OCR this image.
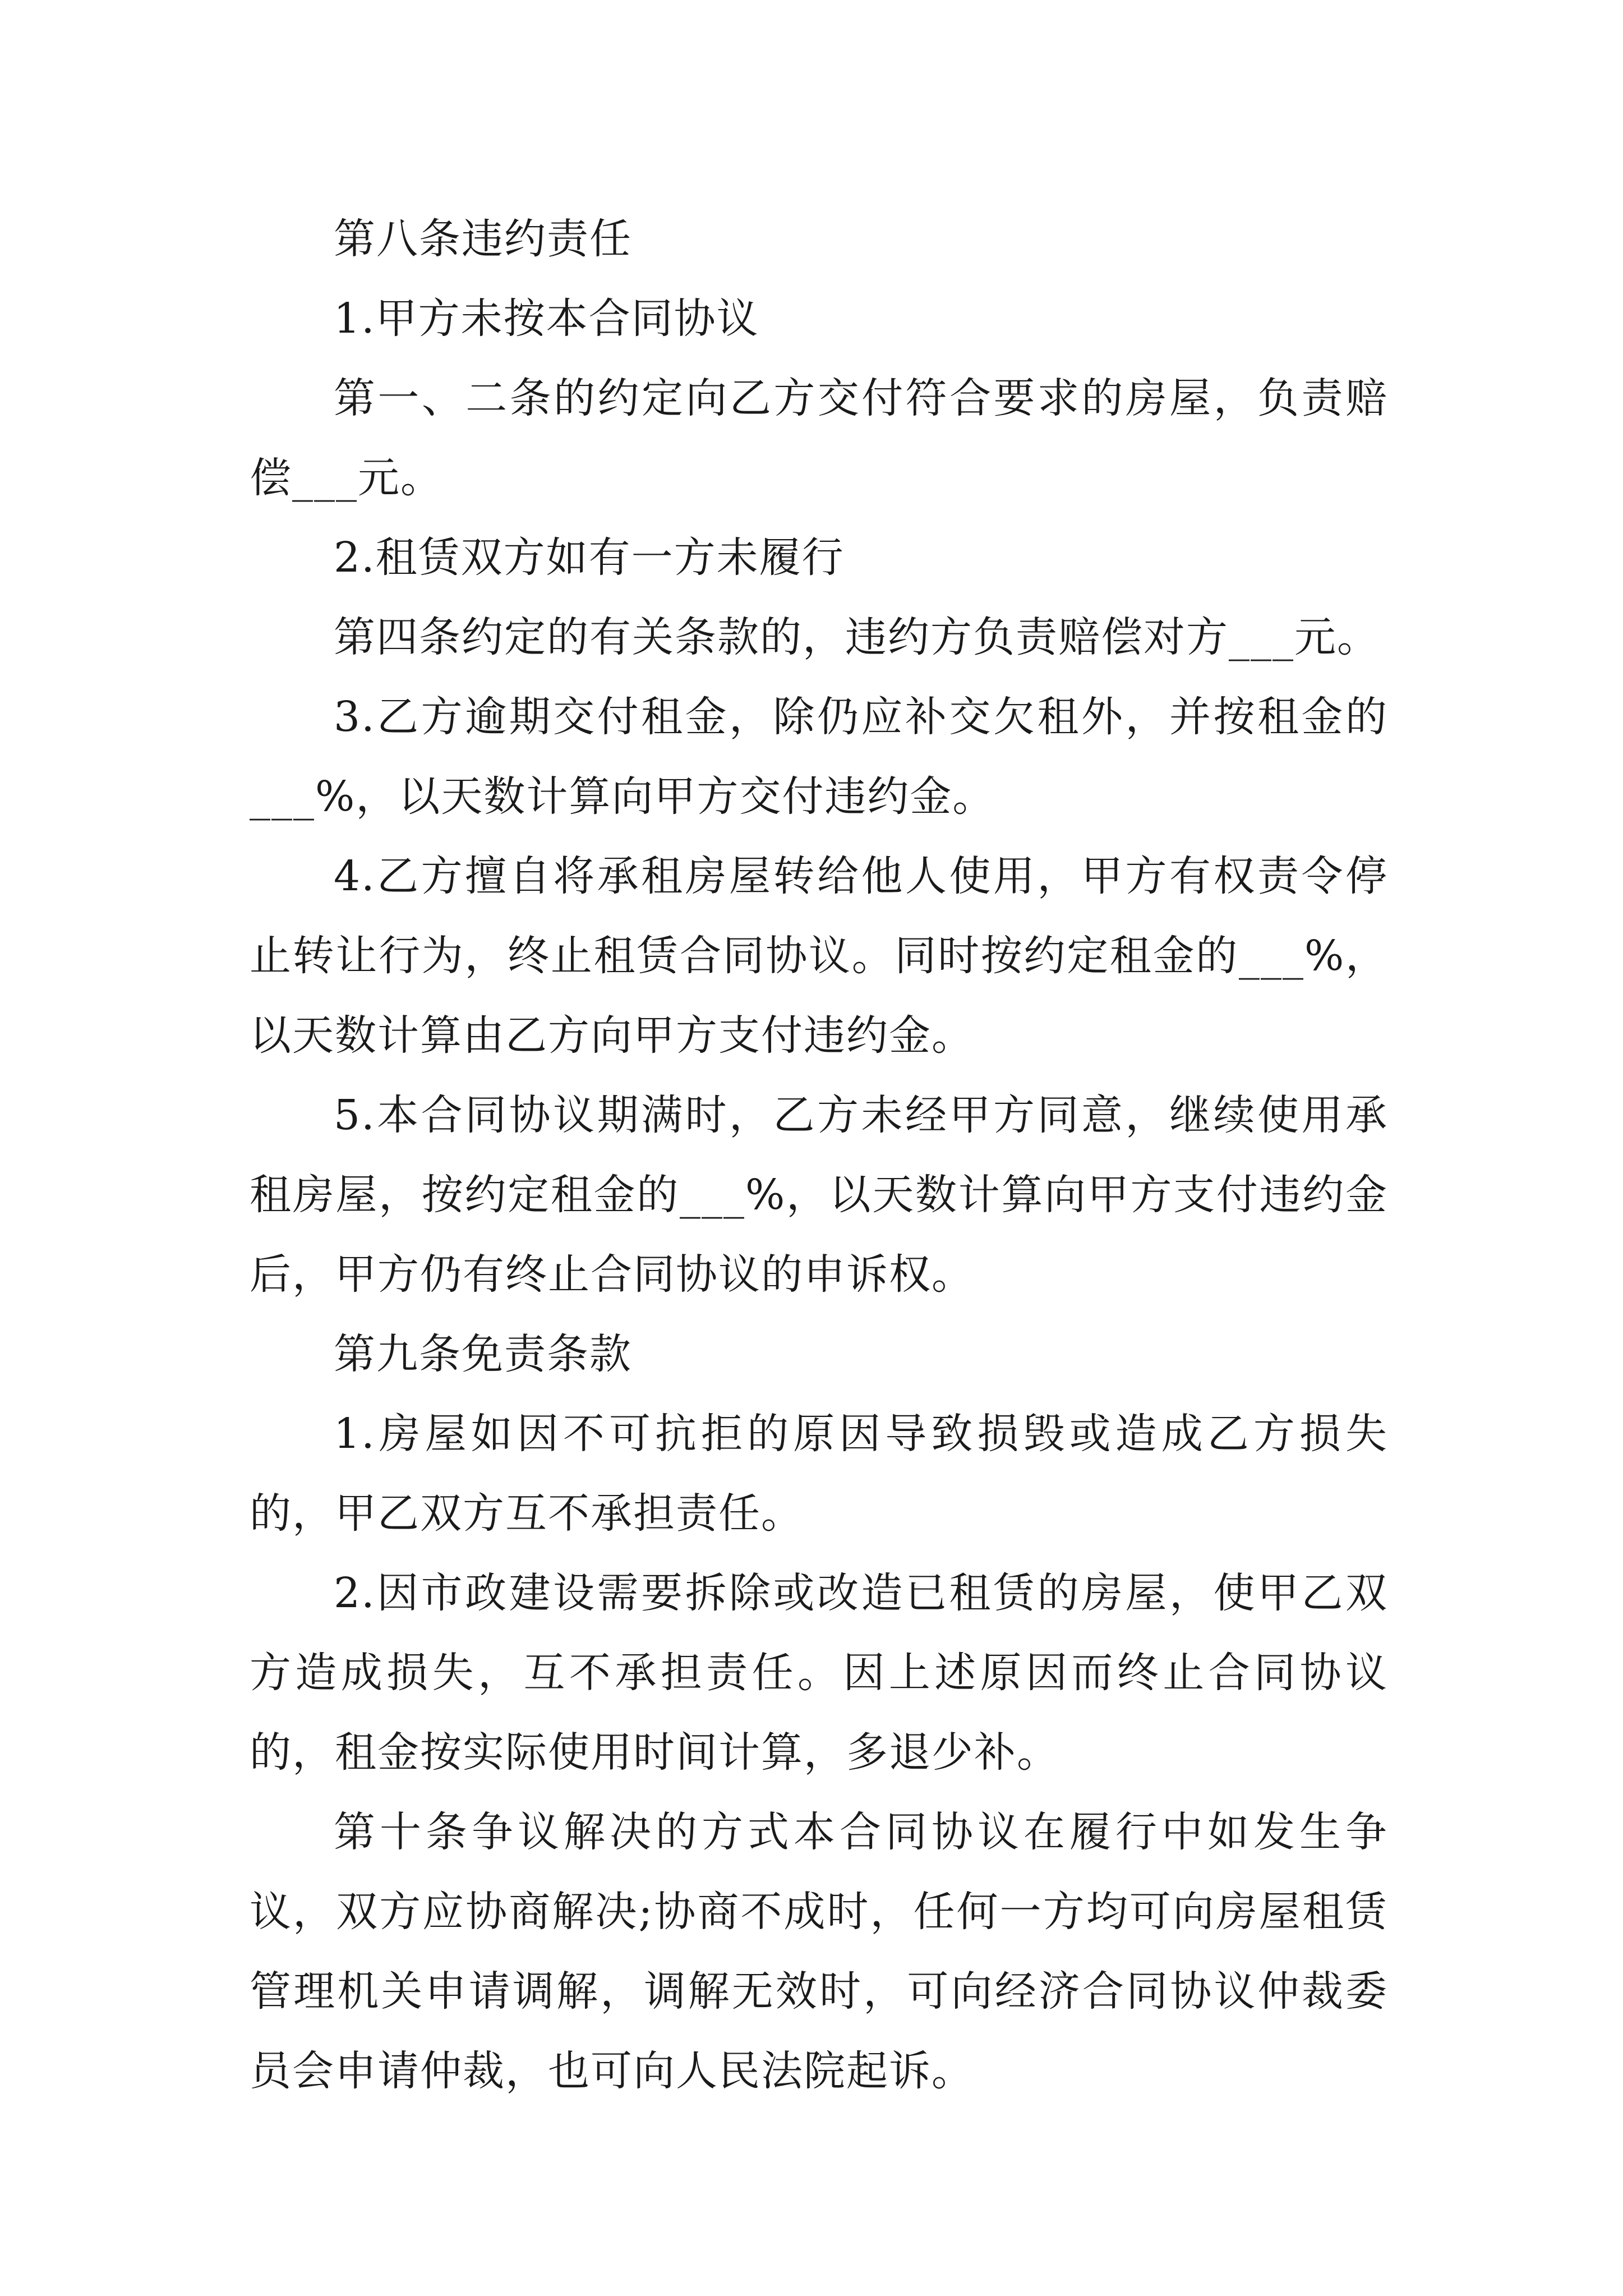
第八条违约责任

1.甲方未按本合同协议

第一、二条的约定向乙方交付符合要求的房屋，负责赔偿___元。

2.租赁双方如有一方未履行

第四条约定的有关条款的，违约方负责赔偿对方___元。

3.乙方逾期交付租金，除仍应补交欠租外，并按租金的___%，以天数计算向甲方交付违约金。

4.乙方擅自将承租房屋转给他人使用，甲方有权责令停止转让行为，终止租赁合同协议。同时按约定租金的___%，以天数计算由乙方向甲方支付违约金。

5.本合同协议期满时，乙方未经甲方同意，继续使用承租房屋，按约定租金的___%，以天数计算向甲方支付违约金后，甲方仍有终止合同协议的申诉权。

第九条免责条款

1.房屋如因不可抗拒的原因导致损毁或造成乙方损失的，甲乙双方互不承担责任。

2.因市政建设需要拆除或改造已租赁的房屋，使甲乙双方造成损失，互不承担责任。因上述原因而终止合同协议的，租金按实际使用时间计算，多退少补。

第十条争议解决的方式本合同协议在履行中如发生争议，双方应协商解决;协商不成时，任何一方均可向房屋租赁管理机关申请调解，调解无效时，可向经济合同协议仲裁委员会申请仲裁，也可向人民法院起诉。
